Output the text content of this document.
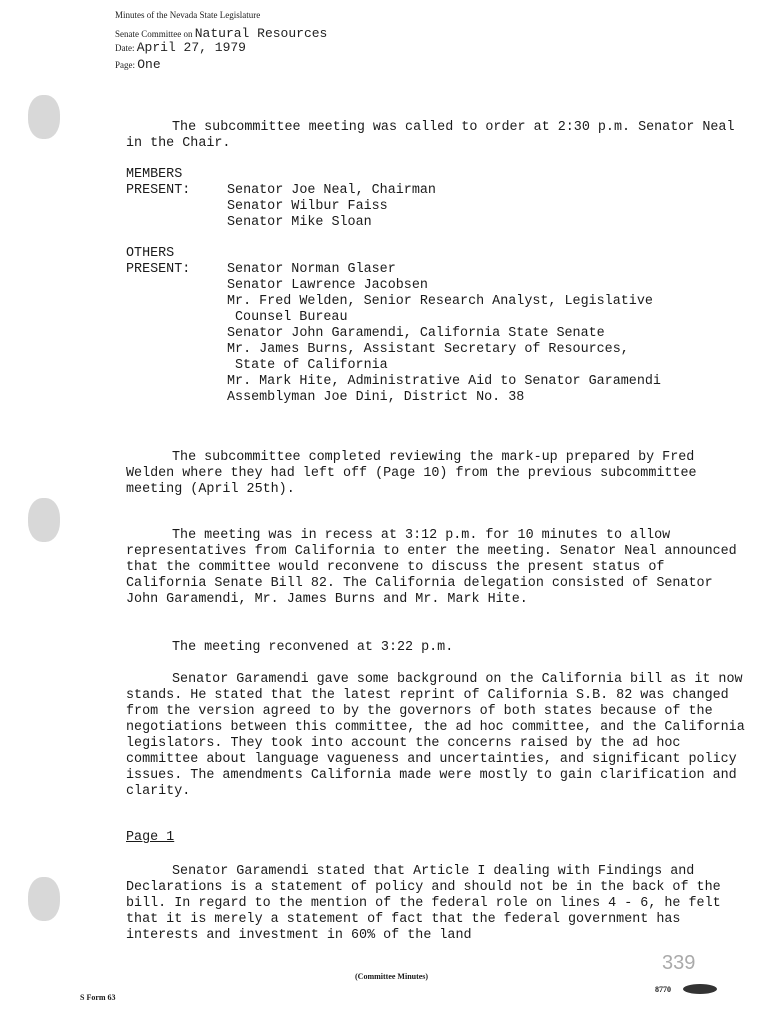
Minutes of the Nevada State Legislature
Senate Committee on Natural Resources
Date: April 27, 1979
Page: One
The subcommittee meeting was called to order at 2:30 p.m. Senator Neal in the Chair.
MEMBERS
PRESENT:	Senator Joe Neal, Chairman
Senator Wilbur Faiss
Senator Mike Sloan
OTHERS
PRESENT:	Senator Norman Glaser
Senator Lawrence Jacobsen
Mr. Fred Welden, Senior Research Analyst, Legislative
Counsel Bureau
Senator John Garamendi, California State Senate
Mr. James Burns, Assistant Secretary of Resources,
State of California
Mr. Mark Hite, Administrative Aid to Senator Garamendi
Assemblyman Joe Dini, District No. 38
The subcommittee completed reviewing the mark-up prepared by Fred Welden where they had left off (Page 10) from the previous subcommittee meeting (April 25th).
The meeting was in recess at 3:12 p.m. for 10 minutes to allow representatives from California to enter the meeting. Senator Neal announced that the committee would reconvene to discuss the present status of California Senate Bill 82. The California delegation consisted of Senator John Garamendi, Mr. James Burns and Mr. Mark Hite.
The meeting reconvened at 3:22 p.m.
Senator Garamendi gave some background on the California bill as it now stands. He stated that the latest reprint of California S.B. 82 was changed from the version agreed to by the governors of both states because of the negotiations between this committee, the ad hoc committee, and the California legislators. They took into account the concerns raised by the ad hoc committee about language vagueness and uncertainties, and significant policy issues. The amendments California made were mostly to gain clarification and clarity.
Page 1
Senator Garamendi stated that Article I dealing with Findings and Declarations is a statement of policy and should not be in the back of the bill. In regard to the mention of the federal role on lines 4 - 6, he felt that it is merely a statement of fact that the federal government has interests and investment in 60% of the land
(Committee Minutes)
S Form 63
339
8770
